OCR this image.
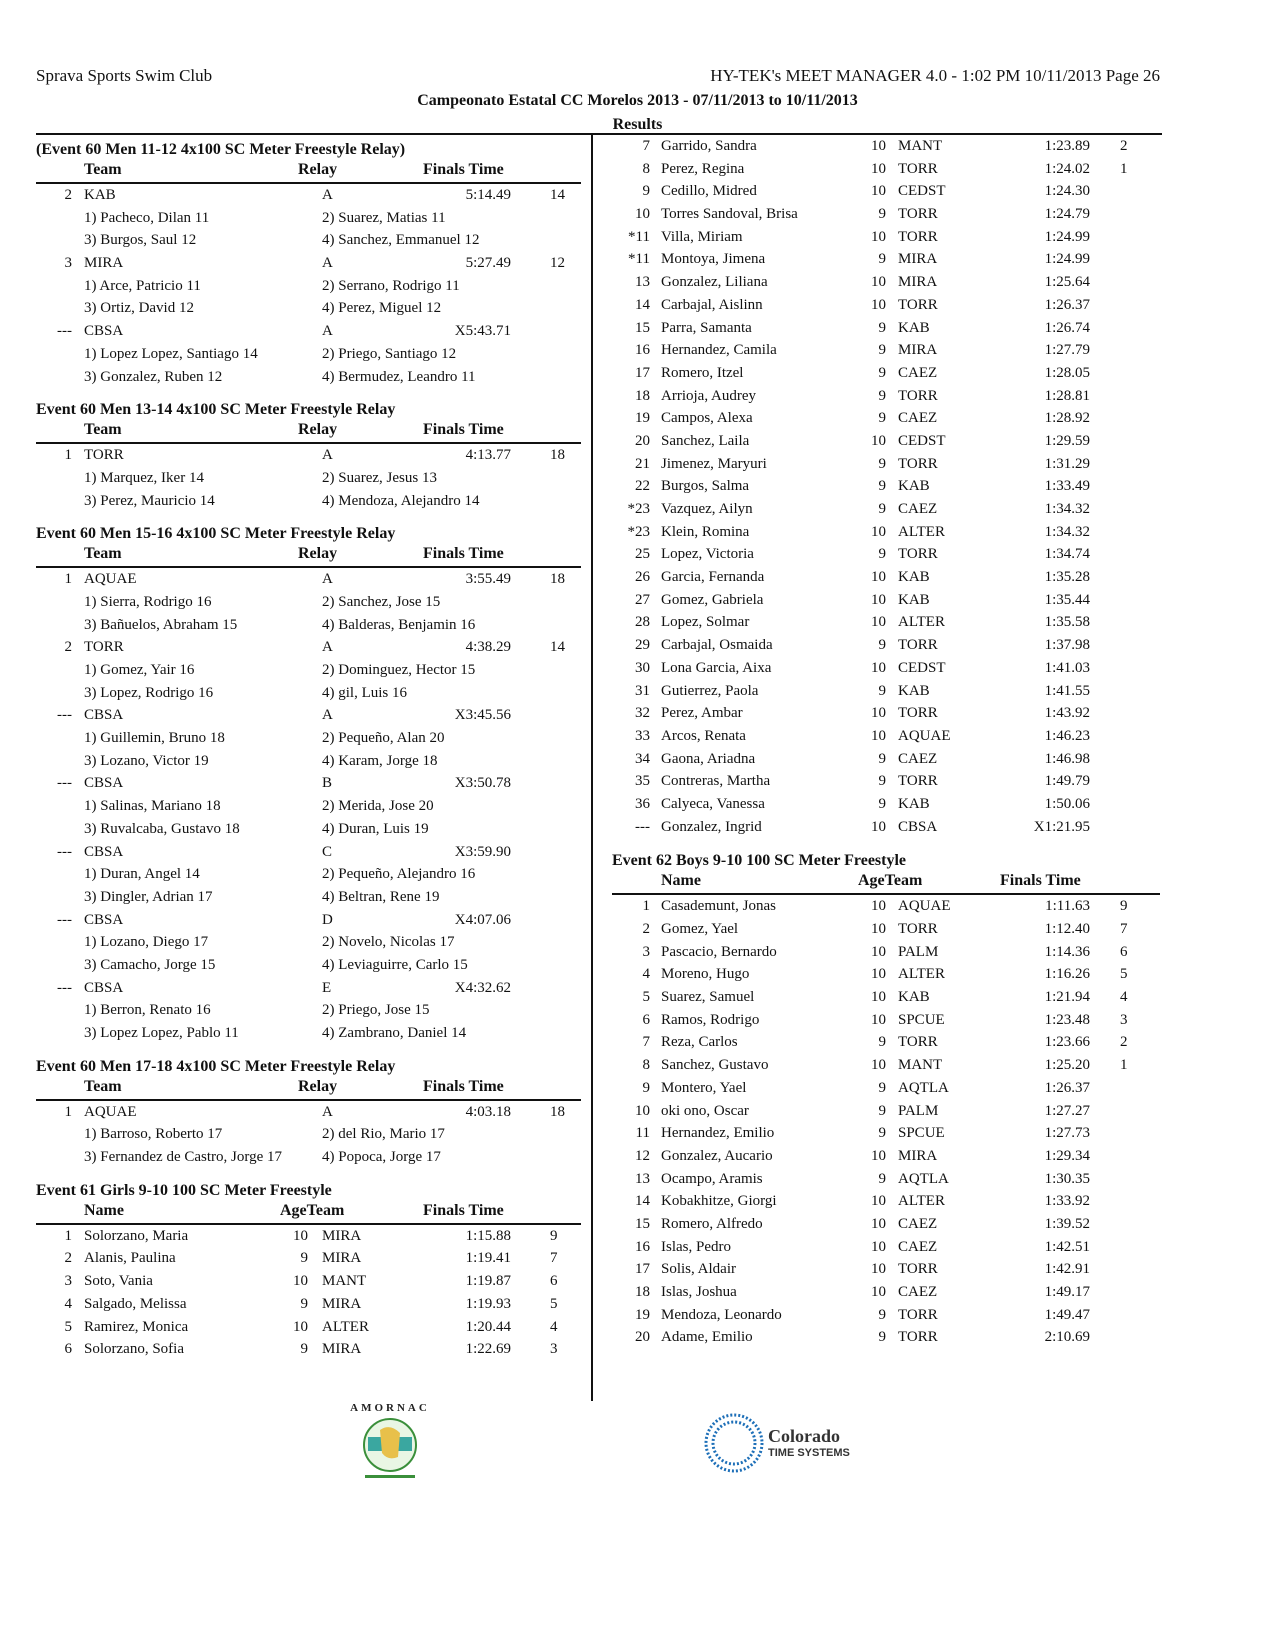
Sprava Sports Swim Club	HY-TEK's MEET MANAGER 4.0 - 1:02 PM 10/11/2013 Page 26
Campeonato Estatal CC Morelos 2013 - 07/11/2013 to 10/11/2013
Results
(Event 60 Men 11-12 4x100 SC Meter Freestyle Relay)
Team	Relay	Finals Time
2 KAB	A	5:14.49	14
1) Pacheco, Dilan 11	2) Suarez, Matias 11
3) Burgos, Saul 12	4) Sanchez, Emmanuel 12
3 MIRA	A	5:27.49	12
1) Arce, Patricio 11	2) Serrano, Rodrigo 11
3) Ortiz, David 12	4) Perez, Miguel 12
--- CBSA	A	X5:43.71
1) Lopez Lopez, Santiago 14	2) Priego, Santiago 12
3) Gonzalez, Ruben 12	4) Bermudez, Leandro 11
Event 60 Men 13-14 4x100 SC Meter Freestyle Relay
Team	Relay	Finals Time
1 TORR	A	4:13.77	18
1) Marquez, Iker 14	2) Suarez, Jesus 13
3) Perez, Mauricio 14	4) Mendoza, Alejandro 14
Event 60 Men 15-16 4x100 SC Meter Freestyle Relay
Team	Relay	Finals Time
1 AQUAE	A	3:55.49	18
1) Sierra, Rodrigo 16	2) Sanchez, Jose 15
3) Bañuelos, Abraham 15	4) Balderas, Benjamin 16
2 TORR	A	4:38.29	14
1) Gomez, Yair 16	2) Dominguez, Hector 15
3) Lopez, Rodrigo 16	4) gil, Luis 16
--- CBSA	A	X3:45.56
1) Guillemin, Bruno 18	2) Pequeño, Alan 20
3) Lozano, Victor 19	4) Karam, Jorge 18
--- CBSA	B	X3:50.78
1) Salinas, Mariano 18	2) Merida, Jose 20
3) Ruvalcaba, Gustavo 18	4) Duran, Luis 19
--- CBSA	C	X3:59.90
1) Duran, Angel 14	2) Pequeño, Alejandro 16
3) Dingler, Adrian 17	4) Beltran, Rene 19
--- CBSA	D	X4:07.06
1) Lozano, Diego 17	2) Novelo, Nicolas 17
3) Camacho, Jorge 15	4) Leviaguirre, Carlo 15
--- CBSA	E	X4:32.62
1) Berron, Renato 16	2) Priego, Jose 15
3) Lopez Lopez, Pablo 11	4) Zambrano, Daniel 14
Event 60 Men 17-18 4x100 SC Meter Freestyle Relay
Team	Relay	Finals Time
1 AQUAE	A	4:03.18	18
1) Barroso, Roberto 17	2) del Rio, Mario 17
3) Fernandez de Castro, Jorge 17	4) Popoca, Jorge 17
Event 61 Girls 9-10 100 SC Meter Freestyle
Name	AgeTeam	Finals Time
1 Solorzano, Maria	10 MIRA	1:15.88	9
2 Alanis, Paulina	9 MIRA	1:19.41	7
3 Soto, Vania	10 MANT	1:19.87	6
4 Salgado, Melissa	9 MIRA	1:19.93	5
5 Ramirez, Monica	10 ALTER	1:20.44	4
6 Solorzano, Sofia	9 MIRA	1:22.69	3
7 Garrido, Sandra	10 MANT	1:23.89 2
8 Perez, Regina	10 TORR	1:24.02 1
9 Cedillo, Midred	10 CEDST	1:24.30
10 Torres Sandoval, Brisa	9 TORR	1:24.79
*11 Villa, Miriam	10 TORR	1:24.99
*11 Montoya, Jimena	9 MIRA	1:24.99
13 Gonzalez, Liliana	10 MIRA	1:25.64
14 Carbajal, Aislinn	10 TORR	1:26.37
15 Parra, Samanta	9 KAB	1:26.74
16 Hernandez, Camila	9 MIRA	1:27.79
17 Romero, Itzel	9 CAEZ	1:28.05
18 Arrioja, Audrey	9 TORR	1:28.81
19 Campos, Alexa	9 CAEZ	1:28.92
20 Sanchez, Laila	10 CEDST	1:29.59
21 Jimenez, Maryuri	9 TORR	1:31.29
22 Burgos, Salma	9 KAB	1:33.49
*23 Vazquez, Ailyn	9 CAEZ	1:34.32
*23 Klein, Romina	10 ALTER	1:34.32
25 Lopez, Victoria	9 TORR	1:34.74
26 Garcia, Fernanda	10 KAB	1:35.28
27 Gomez, Gabriela	10 KAB	1:35.44
28 Lopez, Solmar	10 ALTER	1:35.58
29 Carbajal, Osmaida	9 TORR	1:37.98
30 Lona Garcia, Aixa	10 CEDST	1:41.03
31 Gutierrez, Paola	9 KAB	1:41.55
32 Perez, Ambar	10 TORR	1:43.92
33 Arcos, Renata	10 AQUAE	1:46.23
34 Gaona, Ariadna	9 CAEZ	1:46.98
35 Contreras, Martha	9 TORR	1:49.79
36 Calyeca, Vanessa	9 KAB	1:50.06
--- Gonzalez, Ingrid	10 CBSA	X1:21.95
Event 62 Boys 9-10 100 SC Meter Freestyle
Name	AgeTeam	Finals Time
1 Casademunt, Jonas	10 AQUAE	1:11.63 9
2 Gomez, Yael	10 TORR	1:12.40 7
3 Pascacio, Bernardo	10 PALM	1:14.36 6
4 Moreno, Hugo	10 ALTER	1:16.26 5
5 Suarez, Samuel	10 KAB	1:21.94 4
6 Ramos, Rodrigo	10 SPCUE	1:23.48 3
7 Reza, Carlos	9 TORR	1:23.66 2
8 Sanchez, Gustavo	10 MANT	1:25.20 1
9 Montero, Yael	9 AQTLA	1:26.37
10 oki ono, Oscar	9 PALM	1:27.27
11 Hernandez, Emilio	9 SPCUE	1:27.73
12 Gonzalez, Aucario	10 MIRA	1:29.34
13 Ocampo, Aramis	9 AQTLA	1:30.35
14 Kobakhitze, Giorgi	10 ALTER	1:33.92
15 Romero, Alfredo	10 CAEZ	1:39.52
16 Islas, Pedro	10 CAEZ	1:42.51
17 Solis, Aldair	10 TORR	1:42.91
18 Islas, Joshua	10 CAEZ	1:49.17
19 Mendoza, Leonardo	9 TORR	1:49.47
20 Adame, Emilio	9 TORR	2:10.69
AMORNAC
Colorado
TIME SYSTEMS
